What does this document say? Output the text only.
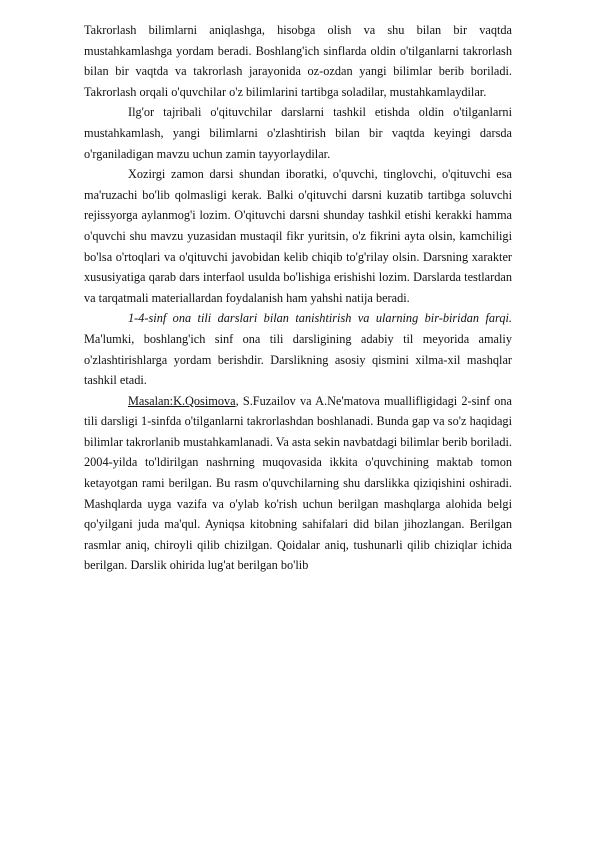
Takrorlash bilimlarni aniqlashga, hisobga olish va shu bilan bir vaqtda mustahkamlashga yordam beradi. Boshlang'ich sinflarda oldin o'tilganlarni takrorlash bilan bir vaqtda va takrorlash jarayonida oz-ozdan yangi bilimlar berib boriladi. Takrorlash orqali o'quvchilar o'z bilimlarini tartibga soladilar, mustahkamlaydilar.

Ilg'or tajribali o'qituvchilar darslarni tashkil etishda oldin o'tilganlarni mustahkamlash, yangi bilimlarni o'zlashtirish bilan bir vaqtda keyingi darsda o'rganiladigan mavzu uchun zamin tayyorlaydilar.

Xozirgi zamon darsi shundan iboratki, o'quvchi, tinglovchi, o'qituvchi esa ma'ruzachi bo'lib qolmasligi kerak. Balki o'qituvchi darsni kuzatib tartibga soluvchi rejissyorga aylanmog'i lozim. O'qituvchi darsni shunday tashkil etishi kerakki hamma o'quvchi shu mavzu yuzasidan mustaqil fikr yuritsin, o'z fikrini ayta olsin, kamchiligi bo'lsa o'rtoqlari va o'qituvchi javobidan kelib chiqib to'g'rilay olsin. Darsning xarakter xususiyatiga qarab dars interfaol usulda bo'lishiga erishishi lozim. Darslarda testlardan va tarqatmali materiallardan foydalanish ham yahshi natija beradi.

1-4-sinf ona tili darslari bilan tanishtirish va ularning bir-biridan farqi. Ma'lumki, boshlang'ich sinf ona tili darsligining adabiy til meyorida amaliy o'zlashtirishlarga yordam berishdir. Darslikning asosiy qismini xilma-xil mashqlar tashkil etadi.

Masalan:K.Qosimova, S.Fuzailov va A.Ne'matova muallifligidagi 2-sinf ona tili darsligi 1-sinfda o'tilganlarni takrorlashdan boshlanadi. Bunda gap va so'z haqidagi bilimlar takrorlanib mustahkamlanadi. Va asta sekin navbatdagi bilimlar berib boriladi. 2004-yilda to'ldirilgan nashrning muqovasida ikkita o'quvchining maktab tomon ketayotgan rami berilgan. Bu rasm o'quvchilarning shu darslikka qiziqishini oshiradi. Mashqlarda uyga vazifa va o'ylab ko'rish uchun berilgan mashqlarga alohida belgi qo'yilgani juda ma'qul. Ayniqsa kitobning sahifalari did bilan jihozlangan. Berilgan rasmlar aniq, chiroyli qilib chizilgan. Qoidalar aniq, tushunarli qilib chiziqlar ichida berilgan. Darslik ohirida lug'at berilgan bo'lib
